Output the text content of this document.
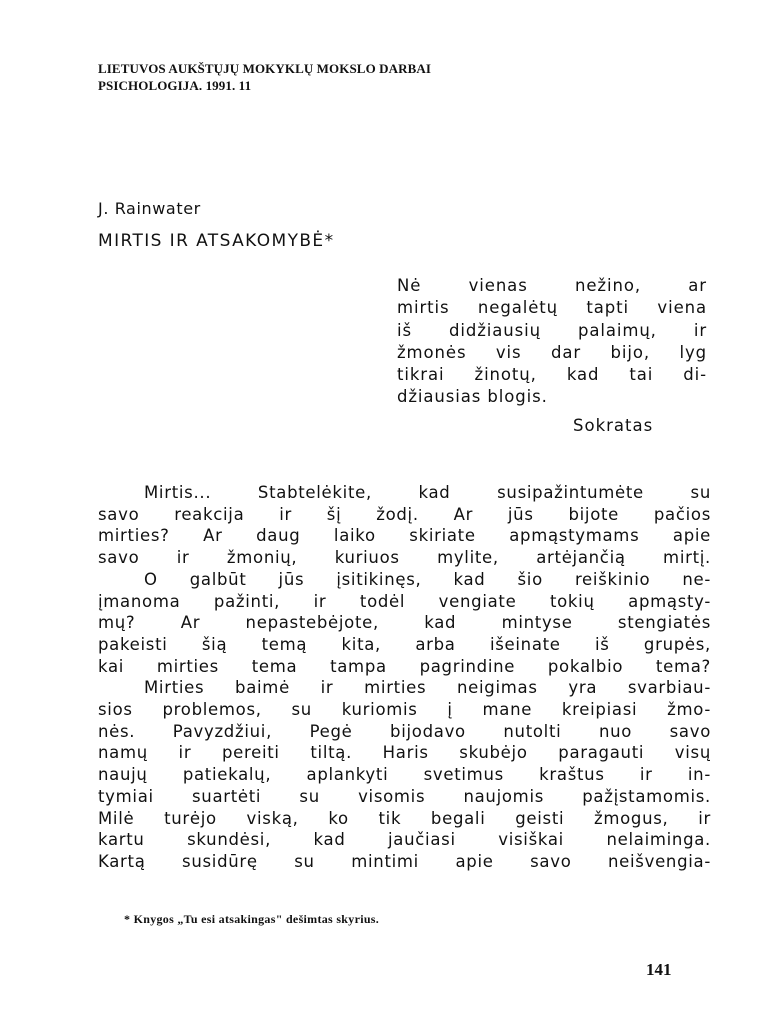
LIETUVOS AUKŠTŲJŲ MOKYKLŲ MOKSLO DARBAI
PSICHOLOGIJA. 1991. 11
J. Rainwater
MIRTIS IR ATSAKOMYBĖ*
Nė vienas nežino, ar
mirtis negalėtų tapti viena
iš didžiausių palaimų, ir
žmonės vis dar bijo, lyg
tikrai žinotų, kad tai di-
džiausias blogis.
Sokratas
Mirtis... Stabtelėkite, kad susipažintumėte su
savo reakcija ir šį žodį. Ar jūs bijote pačios
mirties? Ar daug laiko skiriate apmąstymams apie
savo ir žmonių, kuriuos mylite, artėjančią mirtį.
O galbūt jūs įsitikinęs, kad šio reiškinio ne-
įmanoma pažinti, ir todėl vengiate tokių apmąsty-
mų? Ar nepastebėjote, kad mintyse stengiatės
pakeisti šią temą kita, arba išeinate iš grupės,
kai mirties tema tampa pagrindine pokalbio tema?
Mirties baimė ir mirties neigimas yra svarbiau-
sios problemos, su kuriomis į mane kreipiasi žmo-
nės. Pavyzdžiui, Pegė bijodavo nutolti nuo savo
namų ir pereiti tiltą. Haris skubėjo paragauti visų
naujų patiekalų, aplankyti svetimus kraštus ir in-
tymiai suartėti su visomis naujomis pažįstamomis.
Milė turėjo viską, ko tik begali geisti žmogus, ir
kartu skundėsi, kad jaučiasi visiškai nelaiminga.
Kartą susidūrę su mintimi apie savo neišvengia-
* Knygos „Tu esi atsakingas" dešimtas skyrius.
141
